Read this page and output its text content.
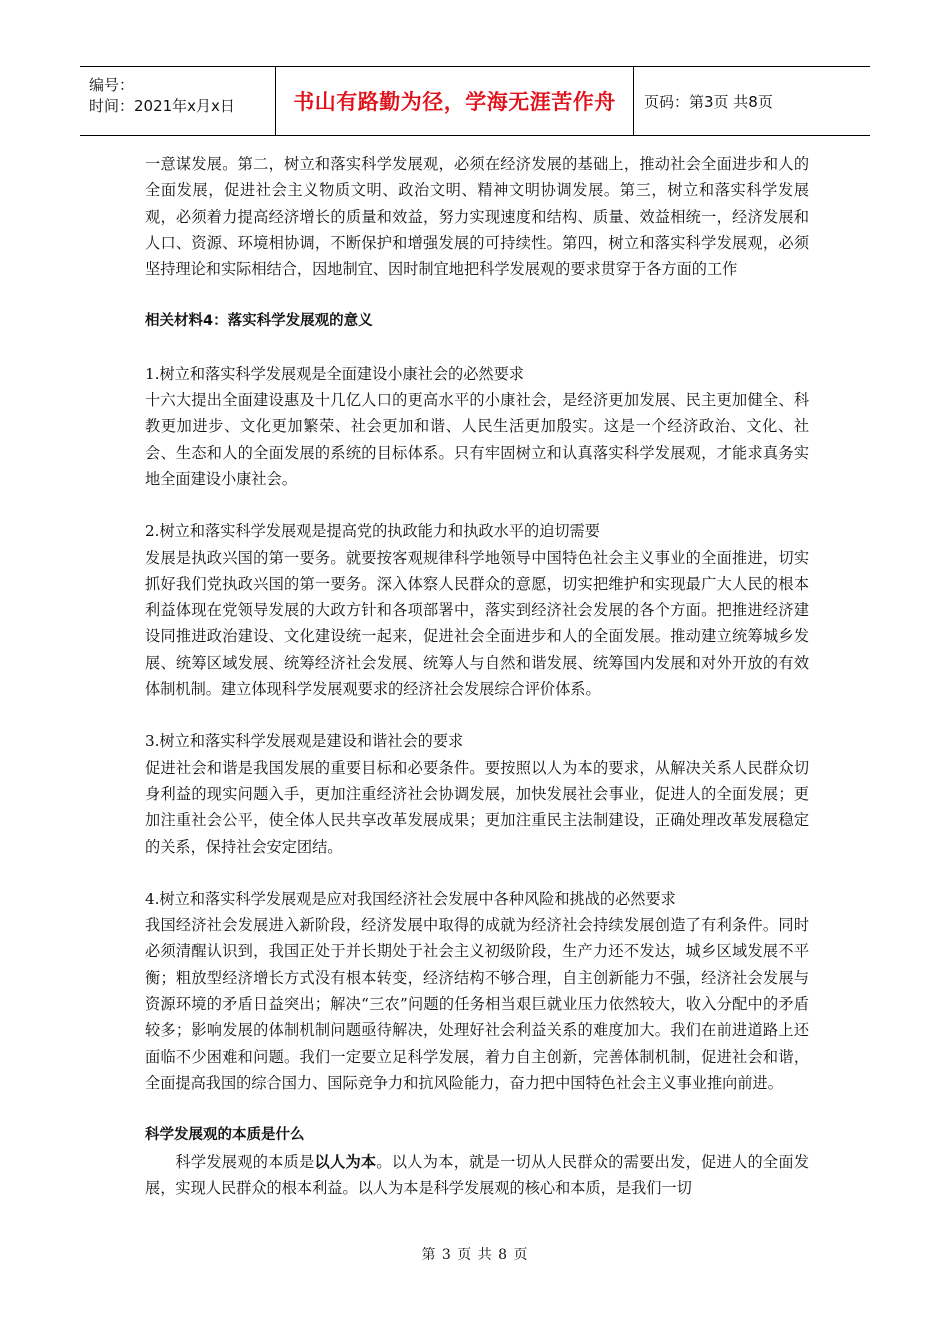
编号：
时间：2021年x月x日	书山有路勤为径，学海无涯苦作舟	页码：第3页 共8页

一意谋发展。第二，树立和落实科学发展观，必须在经济发展的基础上，推动社会全面进步和人的全面发展，促进社会主义物质文明、政治文明、精神文明协调发展。第三，树立和落实科学发展观，必须着力提高经济增长的质量和效益，努力实现速度和结构、质量、效益相统一，经济发展和人口、资源、环境相协调，不断保护和增强发展的可持续性。第四，树立和落实科学发展观，必须坚持理论和实际相结合，因地制宜、因时制宜地把科学发展观的要求贯穿于各方面的工作

相关材料4：落实科学发展观的意义

1.树立和落实科学发展观是全面建设小康社会的必然要求

十六大提出全面建设惠及十几亿人口的更高水平的小康社会，是经济更加发展、民主更加健全、科教更加进步、文化更加繁荣、社会更加和谐、人民生活更加殷实。这是一个经济政治、文化、社会、生态和人的全面发展的系统的目标体系。只有牢固树立和认真落实科学发展观，才能求真务实地全面建设小康社会。

2.树立和落实科学发展观是提高党的执政能力和执政水平的迫切需要

发展是执政兴国的第一要务。就要按客观规律科学地领导中国特色社会主义事业的全面推进，切实抓好我们党执政兴国的第一要务。深入体察人民群众的意愿，切实把维护和实现最广大人民的根本利益体现在党领导发展的大政方针和各项部署中，落实到经济社会发展的各个方面。把推进经济建设同推进政治建设、文化建设统一起来，促进社会全面进步和人的全面发展。推动建立统筹城乡发展、统筹区域发展、统筹经济社会发展、统筹人与自然和谐发展、统筹国内发展和对外开放的有效体制机制。建立体现科学发展观要求的经济社会发展综合评价体系。

3.树立和落实科学发展观是建设和谐社会的要求

促进社会和谐是我国发展的重要目标和必要条件。要按照以人为本的要求，从解决关系人民群众切身利益的现实问题入手，更加注重经济社会协调发展，加快发展社会事业，促进人的全面发展；更加注重社会公平，使全体人民共享改革发展成果；更加注重民主法制建设，正确处理改革发展稳定的关系，保持社会安定团结。

4.树立和落实科学发展观是应对我国经济社会发展中各种风险和挑战的必然要求

我国经济社会发展进入新阶段，经济发展中取得的成就为经济社会持续发展创造了有利条件。同时必须清醒认识到，我国正处于并长期处于社会主义初级阶段，生产力还不发达，城乡区域发展不平衡；粗放型经济增长方式没有根本转变，经济结构不够合理，自主创新能力不强，经济社会发展与资源环境的矛盾日益突出；解决“三农”问题的任务相当艰巨就业压力依然较大，收入分配中的矛盾较多；影响发展的体制机制问题亟待解决，处理好社会利益关系的难度加大。我们在前进道路上还面临不少困难和问题。我们一定要立足科学发展，着力自主创新，完善体制机制，促进社会和谐，全面提高我国的综合国力、国际竞争力和抗风险能力，奋力把中国特色社会主义事业推向前进。

科学发展观的本质是什么

科学发展观的本质是以人为本。以人为本，就是一切从人民群众的需要出发，促进人的全面发展，实现人民群众的根本利益。以人为本是科学发展观的核心和本质，是我们一切

第 3 页 共 8 页
